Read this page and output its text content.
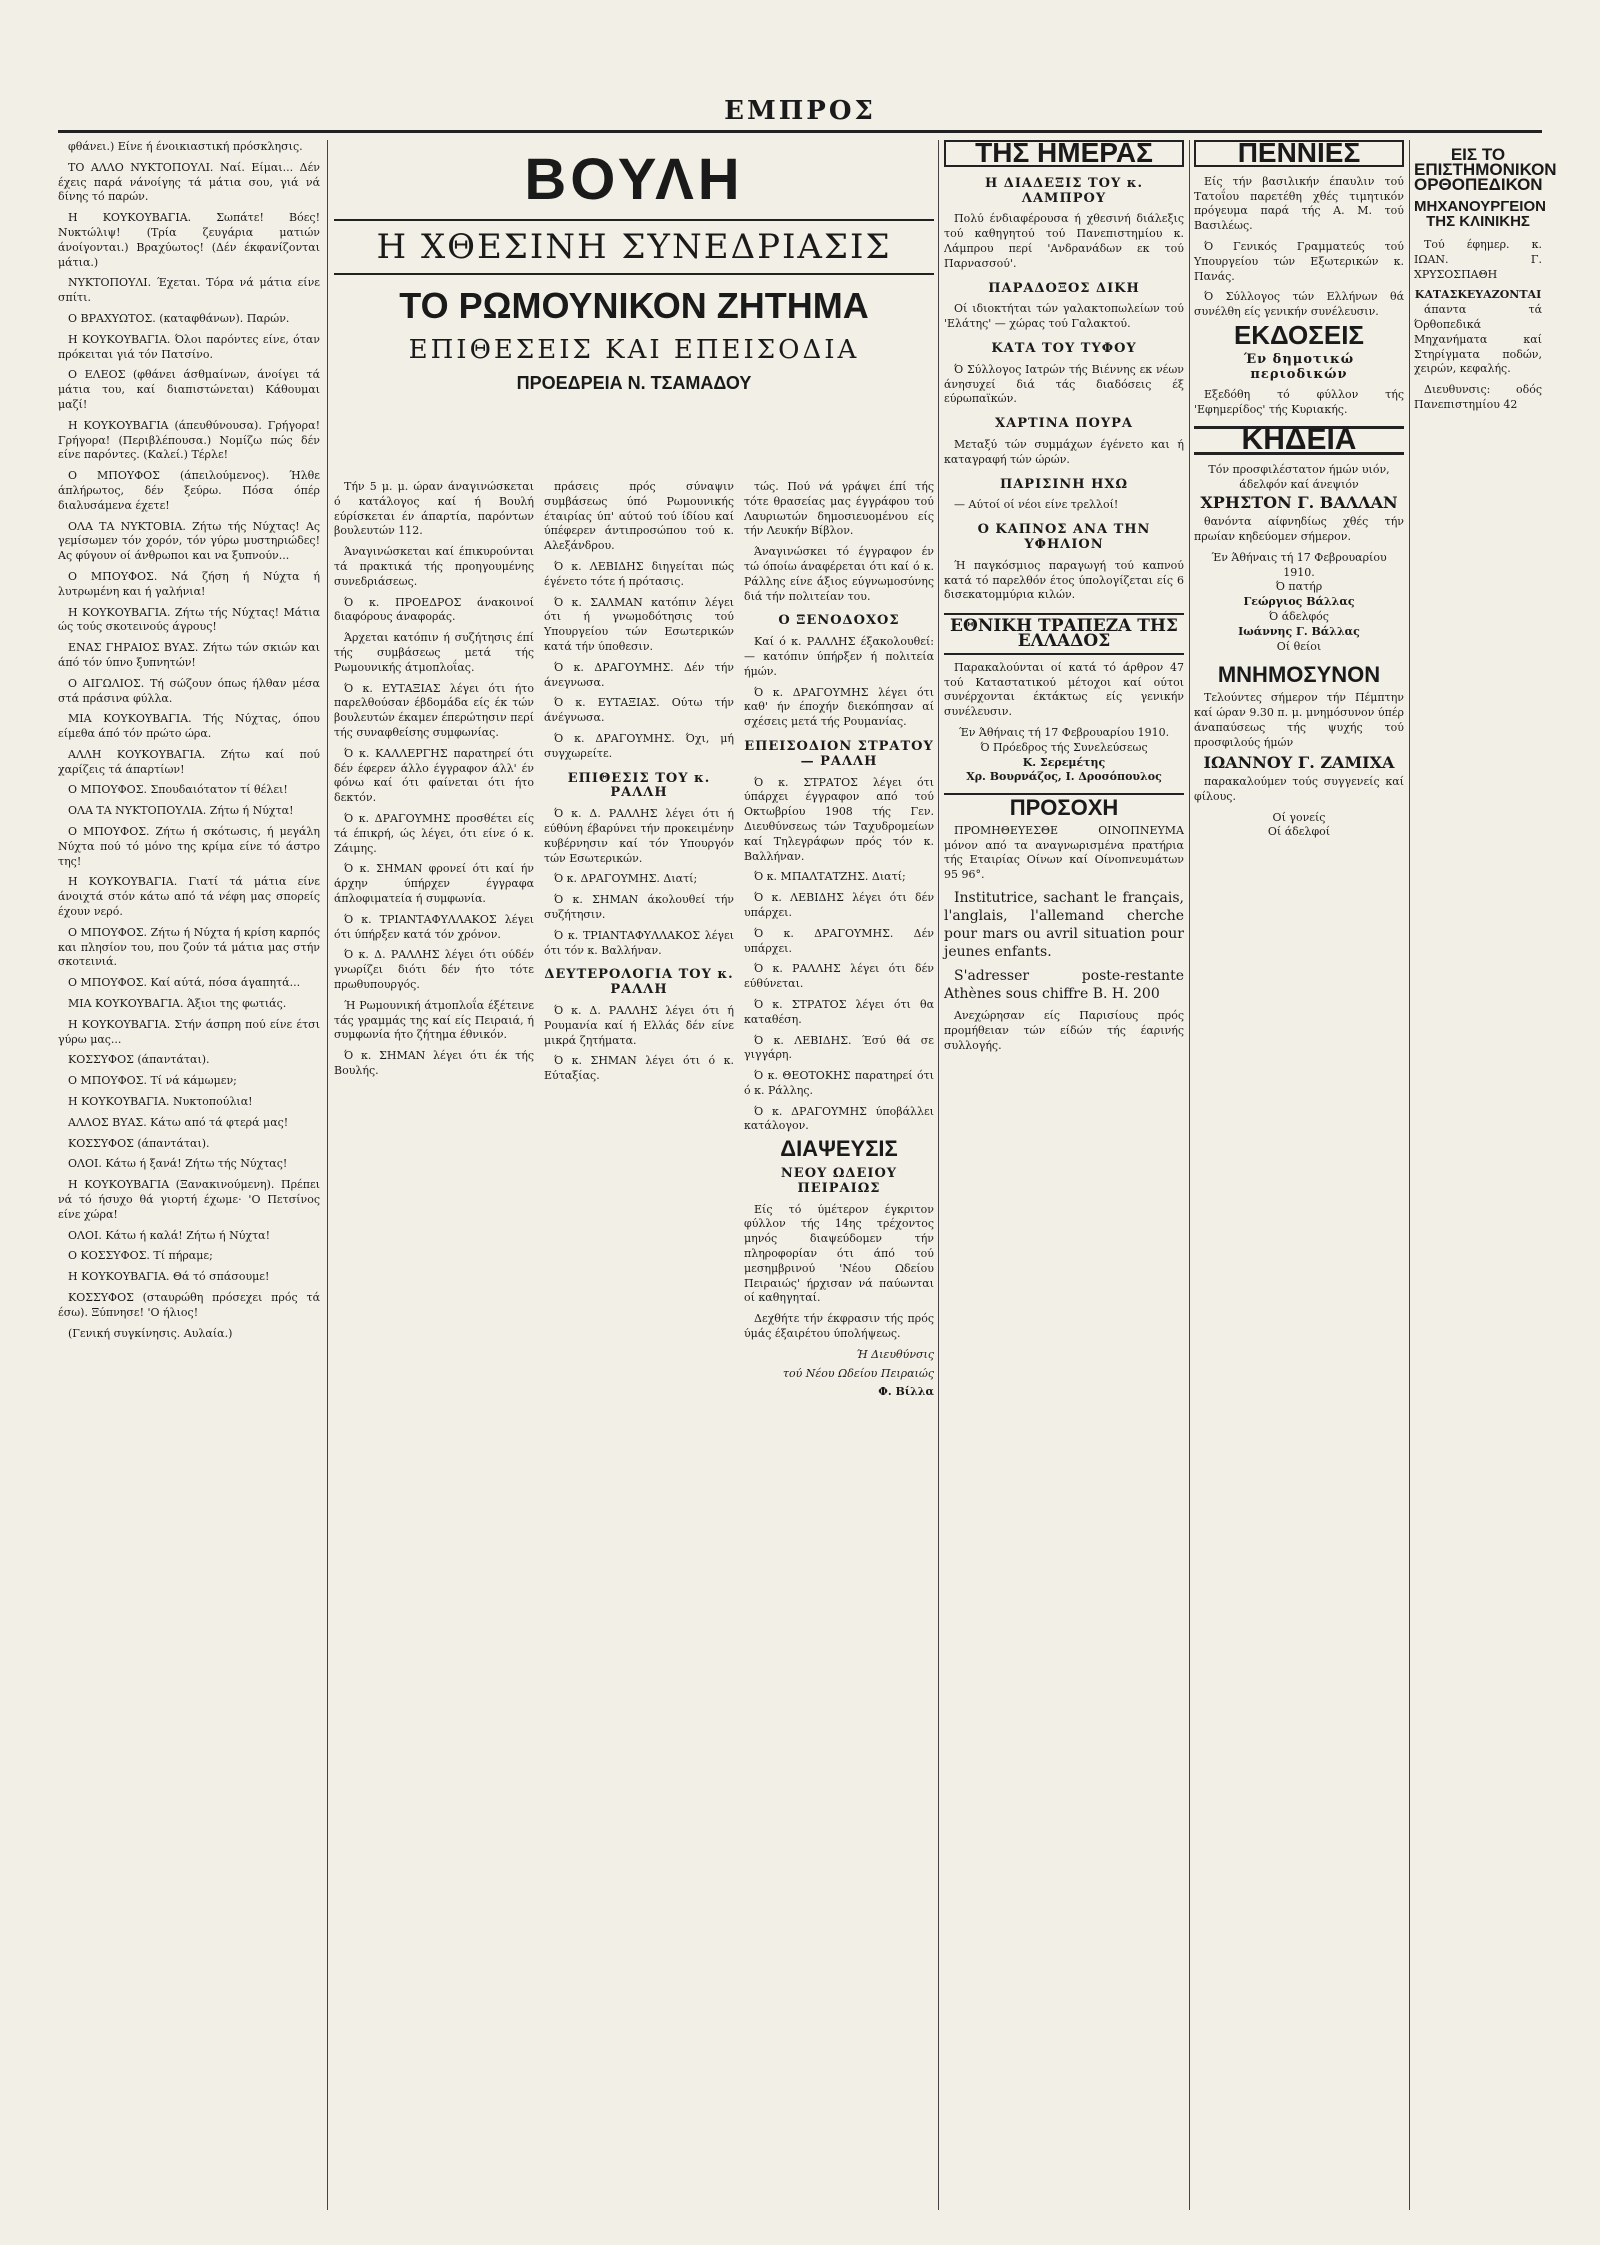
ΕΜΠΡΟΣ

φθάνει.) Είνε ή ένοικιαστική πρόσκλησις.

ΤΟ ΑΛΛΟ ΝΥΚΤΟΠΟΥΛΙ. Ναί. Είμαι... Δέν έχεις παρά νάνοίγης τά μάτια σου, γιά νά δίνης τό παρών.

Η ΚΟΥΚΟΥΒΑΓΙΑ. Σωπάτε! Βόες! Νυκτώλιψ! (Τρία ζευγάρια ματιών άνοίγονται.) Βραχύωτος! (Δέν έκφανίζονται μάτια.)

ΝΥΚΤΟΠΟΥΛΙ. Έχεται. Τόρα νά μάτια είνε σπίτι.

Ο ΒΡΑΧΥΩΤΟΣ. (καταφθάνων). Παρών.

Η ΚΟΥΚΟΥΒΑΓΙΑ. Όλοι παρόντες είνε, όταν πρόκειται γιά τόν Πατσίνο.

Ο ΕΛΕΟΣ (φθάνει άσθμαίνων, άνοίγει τά μάτια του, καί διαπιστώνεται) Κάθουμαι μαζί!

Η ΚΟΥΚΟΥΒΑΓΙΑ (άπευθύνουσα). Γρήγορα! Γρήγορα! (Περιβλέπουσα.) Νομίζω πώς δέν είνε παρόντες. (Καλεί.) Τέρλε!

Ο ΜΠΟΥΦΟΣ (άπειλούμενος). Ήλθε άπλήρωτος, δέν ξεύρω. Πόσα όπέρ διαλυσάμενα έχετε!

ΟΛΑ ΤΑ ΝΥΚΤΟΒΙΑ. Ζήτω τής Νύχτας! Ας γεμίσωμεν τόν χορόν, τόν γύρω μυστηριώδες! Ας φύγουν οί άνθρωποι και να ξυπνούν...

Ο ΜΠΟΥΦΟΣ. Νά ζήση ή Νύχτα ή λυτρωμένη και ή γαλήνια!

Η ΚΟΥΚΟΥΒΑΓΙΑ. Ζήτω τής Νύχτας! Μάτια ώς τούς σκοτεινούς άγρους!

ΕΝΑΣ ΓΗΡΑΙΟΣ ΒΥΑΣ. Ζήτω τών σκιών και άπό τόν ύπνο ξυπνητών!

Ο ΑΙΓΩΛΙΟΣ. Τή σώζουν όπως ήλθαν μέσα στά πράσινα φύλλα.

ΜΙΑ ΚΟΥΚΟΥΒΑΓΙΑ. Τής Νύχτας, όπου είμεθα άπό τόν πρώτο ώρα.

ΑΛΛΗ ΚΟΥΚΟΥΒΑΓΙΑ. Ζήτω καί πού χαρίζεις τά άπαρτίων!

Ο ΜΠΟΥΦΟΣ. Σπουδαιότατον τί θέλει!

ΟΛΑ ΤΑ ΝΥΚΤΟΠΟΥΛΙΑ. Ζήτω ή Νύχτα!

Ο ΜΠΟΥΦΟΣ. Ζήτω ή σκότωσις, ή μεγάλη Νύχτα πού τό μόνο της κρίμα είνε τό άστρο της!

Η ΚΟΥΚΟΥΒΑΓΙΑ. Γιατί τά μάτια είνε άνοιχτά στόν κάτω από τά νέφη μας σπορείς έχουν νερό.

Ο ΜΠΟΥΦΟΣ. Ζήτω ή Νύχτα ή κρίση καρπός και πλησίον του, που ζούν τά μάτια μας στήν σκοτεινιά.

Ο ΜΠΟΥΦΟΣ. Καί αύτά, πόσα άγαπητά...

ΜΙΑ ΚΟΥΚΟΥΒΑΓΙΑ. Άξιοι της φωτιάς.

Η ΚΟΥΚΟΥΒΑΓΙΑ. Στήν άσπρη πού είνε έτσι γύρω μας...

ΚΟΣΣΥΦΟΣ (άπαντάται).

Ο ΜΠΟΥΦΟΣ. Τί νά κάμωμεν;

Η ΚΟΥΚΟΥΒΑΓΙΑ. Νυκτοπούλια!

ΑΛΛΟΣ ΒΥΑΣ. Κάτω από τά φτερά μας!

ΚΟΣΣΥΦΟΣ (άπαντάται).

ΟΛΟΙ. Κάτω ή ξανά! Ζήτω τής Νύχτας!

Η ΚΟΥΚΟΥΒΑΓΙΑ (Ξανακινούμενη). Πρέπει νά τό ήσυχο θά γιορτή έχωμε· 'Ο Πετσίνος είνε χώρα!

ΟΛΟΙ. Κάτω ή καλά! Ζήτω ή Νύχτα!

Ο ΚΟΣΣΥΦΟΣ. Τί πήραμε;

Η ΚΟΥΚΟΥΒΑΓΙΑ. Θά τό σπάσουμε!

ΚΟΣΣΥΦΟΣ (σταυρώθη πρόσεχει πρός τά έσω). Ξύπνησε! 'Ο ήλιος!

(Γενική συγκίνησις. Αυλαία.)

ΒΟΥΛΗ
Η ΧΘΕΣΙΝΗ ΣΥΝΕΔΡΙΑΣΙΣ
ΤΟ ΡΩΜΟΥΝΙΚΟΝ ΖΗΤΗΜΑ
ΕΠΙΘΕΣΕΙΣ ΚΑΙ ΕΠΕΙΣΟΔΙΑ
ΠΡΟΕΔΡΕΙΑ Ν. ΤΣΑΜΑΔΟΥ

Τήν 5 μ. μ. ώραν άναγινώσκεται ό κατάλογος καί ή Βουλή εύρίσκεται έν άπαρτία, παρόντων βουλευτών 112.

Άναγινώσκεται καί έπικυρούνται τά πρακτικά τής προηγουμένης συνεδριάσεως.

Ό κ. ΠΡΟΕΔΡΟΣ άνακοινοί διαφόρους άναφοράς.

Άρχεται κατόπιν ή συζήτησις έπί τής συμβάσεως μετά τής Ρωμουνικής άτμοπλοΐας.

Ό κ. ΕΥΤΑΞΙΑΣ λέγει ότι ήτο παρελθούσαν έβδομάδα είς έκ τών βουλευτών έκαμεν έπερώτησιν περί τής συναφθείσης συμφωνίας.

Ό κ. ΚΑΛΛΕΡΓΗΣ παρατηρεί ότι δέν έφερεν άλλο έγγραφον άλλ' έν φόνω καί ότι φαίνεται ότι ήτο δεκτόν.

Ό κ. ΔΡΑΓΟΥΜΗΣ προσθέτει είς τά έπικρή, ώς λέγει, ότι είνε ό κ. Ζάιμης.

Ό κ. ΣΗΜΑΝ φρονεί ότι καί ήν άρχην ύπήρχεν έγγραφα άπλοφιματεία ή συμφωνία.

Ό κ. ΤΡΙΑΝΤΑΦΥΛΛΑΚΟΣ λέγει ότι ύπήρξεν κατά τόν χρόνον.

Ό κ. Δ. ΡΑΛΛΗΣ λέγει ότι ούδέν γνωρίζει διότι δέν ήτο τότε πρωθυπουργός.

Ή Ρωμουνική άτμοπλοΐα έξέτεινε τάς γραμμάς της καί είς Πειραιά, ή συμφωνία ήτο ζήτημα έθνικόν.

Ό κ. ΣΗΜΑΝ λέγει ότι έκ τής Βουλής.

πράσεις πρός σύναψιν συμβάσεως ύπό Ρωμουνικής έταιρίας ύπ' αύτού τού ίδίου καί ύπέφερεν άντιπροσώπου τού κ. Αλεξάνδρου.

Ό κ. ΛΕΒΙΔΗΣ διηγείται πώς έγένετο τότε ή πρότασις.

Ό κ. ΣΑΛΜΑΝ κατόπιν λέγει ότι ή γνωμοδότησις τού Υπουργείου τών Εσωτερικών κατά τήν ύποθεσιν.

Ό κ. ΔΡΑΓΟΥΜΗΣ. Δέν τήν άνεγνωσα.

Ό κ. ΕΥΤΑΞΙΑΣ. Ούτω τήν άνέγνωσα.

Ό κ. ΔΡΑΓΟΥΜΗΣ. Όχι, μή συγχωρείτε.

ΕΠΙΘΕΣΙΣ ΤΟΥ κ. ΡΑΛΛΗ

Ό κ. Δ. ΡΑΛΛΗΣ λέγει ότι ή εύθύνη έβαρύνει τήν προκειμένην κυβέρνησιν καί τόν Υπουργόν τών Εσωτερικών.

Ό κ. ΔΡΑΓΟΥΜΗΣ. Διατί;

Ό κ. ΣΗΜΑΝ άκολουθεί τήν συζήτησιν.

Ό κ. ΤΡΙΑΝΤΑΦΥΛΛΑΚΟΣ λέγει ότι τόν κ. Βαλλήναν.

ΔΕΥΤΕΡΟΛΟΓΙΑ ΤΟΥ κ. ΡΑΛΛΗ

Ό κ. Δ. ΡΑΛΛΗΣ λέγει ότι ή Ρουμανία καί ή Ελλάς δέν είνε μικρά ζητήματα.

Ό κ. ΣΗΜΑΝ λέγει ότι ό κ. Εύταξίας.

τώς. Πού νά γράψει έπί τής τότε θρασείας μας έγγράφου τού Λαυριωτών δημοσιευομένου είς τήν Λευκήν Βίβλον.

Άναγινώσκει τό έγγραφον έν τώ όποίω άναφέρεται ότι καί ό κ. Ράλλης είνε άξιος εύγνωμοσύνης διά τήν πολιτείαν του.

Ο ΞΕΝΟΔΟΧΟΣ

Καί ό κ. ΡΑΛΛΗΣ έξακολουθεί: — κατόπιν ύπήρξεν ή πολιτεία ήμών.

Ό κ. ΔΡΑΓΟΥΜΗΣ λέγει ότι καθ' ήν έποχήν διεκόπησαν αί σχέσεις μετά τής Ρουμανίας.

ΕΠΕΙΣΟΔΙΟΝ ΣΤΡΑΤΟΥ — ΡΑΛΛΗ

Ό κ. ΣΤΡΑΤΟΣ λέγει ότι ύπάρχει έγγραφον από τού Οκτωβρίου 1908 τής Γεν. Διευθύνσεως τών Ταχυδρομείων καί Τηλεγράφων πρός τόν κ. Βαλλήναν.

Ό κ. ΜΠΑΛΤΑΤΖΗΣ. Διατί;

Ό κ. ΛΕΒΙΔΗΣ λέγει ότι δέν υπάρχει.

Ό κ. ΔΡΑΓΟΥΜΗΣ. Δέν υπάρχει.

Ό κ. ΡΑΛΛΗΣ λέγει ότι δέν εύθύνεται.

Ό κ. ΣΤΡΑΤΟΣ λέγει ότι θα καταθέση.

Ό κ. ΛΕΒΙΔΗΣ. Έσύ θά σε γιγγάρη.

Ό κ. ΘΕΟΤΟΚΗΣ παρατηρεί ότι ό κ. Ράλλης.

Ό κ. ΔΡΑΓΟΥΜΗΣ ύποβάλλει κατάλογον.

ΔΙΑΨΕΥΣΙΣ
ΝΕΟΥ ΩΔΕΙΟΥ ΠΕΙΡΑΙΩΣ

Είς τό ύμέτερον έγκριτον φύλλον τής 14ης τρέχοντος μηνός διαψεύδομεν τήν πληροφορίαν ότι άπό τού μεσημβρινού 'Νέου Ωδείου Πειραιώς' ήρχισαν νά παύωνται οί καθηγηταί.

Δεχθήτε τήν έκφρασιν τής πρός ύμάς έξαιρέτου ύπολήψεως.

Ή Διευθύνσις
τού Νέου Ωδείου Πειραιώς
Φ. Βίλλα
ΤΗΣ ΗΜΕΡΑΣ
Η ΔΙΑΔΕΞΙΣ ΤΟΥ κ. ΛΑΜΠΡΟΥ

Πολύ ένδιαφέρουσα ή χθεσινή διάλεξις τού καθηγητού τού Πανεπιστημίου κ. Λάμπρου περί 'Ανδρανάδων εκ τού Παρνασσού'.

ΠΑΡΑΔΟΞΟΣ ΔΙΚΗ

Οί ιδιοκτήται τών γαλακτοπωλείων τού 'Ελάτης' — χώρας τού Γαλακτού.

ΚΑΤΑ ΤΟΥ ΤΥΦΟΥ

Ό Σύλλογος Ιατρών τής Βιέννης εκ νέων άνησυχεί διά τάς διαδόσεις έξ εύρωπαϊκών.

ΧΑΡΤΙΝΑ ΠΟΥΡΑ

Μεταξύ τών συμμάχων έγένετο και ή καταγραφή τών ώρών.

ΠΑΡΙΣΙΝΗ ΗΧΩ

— Αύτοί οί νέοι είνε τρελλοί!

Ο ΚΑΠΝΟΣ ΑΝΑ ΤΗΝ ΥΦΗΛΙΟΝ

Ή παγκόσμιος παραγωγή τού καπνού κατά τό παρελθόν έτος ύπολογίζεται είς 6 δισεκατομμύρια κιλών.

ΕΘΝΙΚΗ ΤΡΑΠΕΖΑ ΤΗΣ ΕΛΛΑΔΟΣ

Παρακαλούνται οί κατά τό άρθρον 47 τού Καταστατικού μέτοχοι καί ούτοι συνέρχονται έκτάκτως είς γενικήν συνέλευσιν.

Έν Άθήναις τή 17 Φεβρουαρίου 1910.
Ό Πρόεδρος τής Συνελεύσεως
Κ. Σερεμέτης
Χρ. Βουρνάζος, Ι. Δροσόπουλος
ΠΡΟΣΟΧΗ

ΠΡΟΜΗΘΕΥΕΣΘΕ ΟΙΝΟΠΝΕΥΜΑ μόνον από τα αναγνωρισμένα πρατήρια τής Εταιρίας Οίνων καί Οίνοπνευμάτων 95 96°.

Institutrice, sachant le français, l'anglais, l'allemand cherche pour mars ou avril situation pour jeunes enfants.

S'adresser poste-restante Athènes sous chiffre B. H. 200

Ανεχώρησαν είς Παρισίους πρός προμήθειαν τών είδών τής έαρινής συλλογής.

ΠΕΝΝΙΕΣ

Είς τήν βασιλικήν έπαυλιν τού Τατοΐου παρετέθη χθές τιμητικόν πρόγευμα παρά τής Α. Μ. τού Βασιλέως.

Ό Γενικός Γραμματεύς τού Υπουργείου τών Εξωτερικών κ. Πανάς.

Ό Σύλλογος τών Ελλήνων θά συνέλθη είς γενικήν συνέλευσιν.

ΕΚΔΟΣΕΙΣ
Έν δημοτικώ περιοδικών

Εξεδόθη τό φύλλον τής 'Εφημερίδος' τής Κυριακής.

ΚΗΔΕΙΑ
Τόν προσφιλέστατον ήμών υιόν, άδελφόν καί άνεψιόν
ΧΡΗΣΤΟΝ Γ. ΒΑΛΛΑΝ

θανόντα αίφνηδίως χθές τήν πρωίαν κηδεύομεν σήμερον.

Έν Άθήναις τή 17 Φεβρουαρίου 1910.
Ό πατήρ
Γεώργιος Βάλλας
Ό άδελφός
Ιωάννης Γ. Βάλλας
Οί θείοι
ΜΝΗΜΟΣΥΝΟΝ

Τελούντες σήμερον τήν Πέμπτην καί ώραν 9.30 π. μ. μνημόσυνον ύπέρ άναπαύσεως τής ψυχής τού προσφιλούς ήμών

ΙΩΑΝΝΟΥ Γ. ΖΑΜΙΧΑ

παρακαλούμεν τούς συγγενείς καί φίλους.

Οί γονείς
Οί άδελφοί
ΕΙΣ ΤΟ ΕΠΙΣΤΗΜΟΝΙΚΟΝ ΟΡΘΟΠΕΔΙΚΟΝ
ΜΗΧΑΝΟΥΡΓΕΙΟΝ ΤΗΣ ΚΛΙΝΙΚΗΣ

Τού έφημερ. κ. ΙΩΑΝ. Γ. ΧΡΥΣΟΣΠΑΘΗ

ΚΑΤΑΣΚΕΥΑΖΟΝΤΑΙ

άπαντα τά Όρθοπεδικά Μηχανήματα καί Στηρίγματα ποδών, χειρών, κεφαλής.

Διευθυνσις: οδός Πανεπιστημίου 42
